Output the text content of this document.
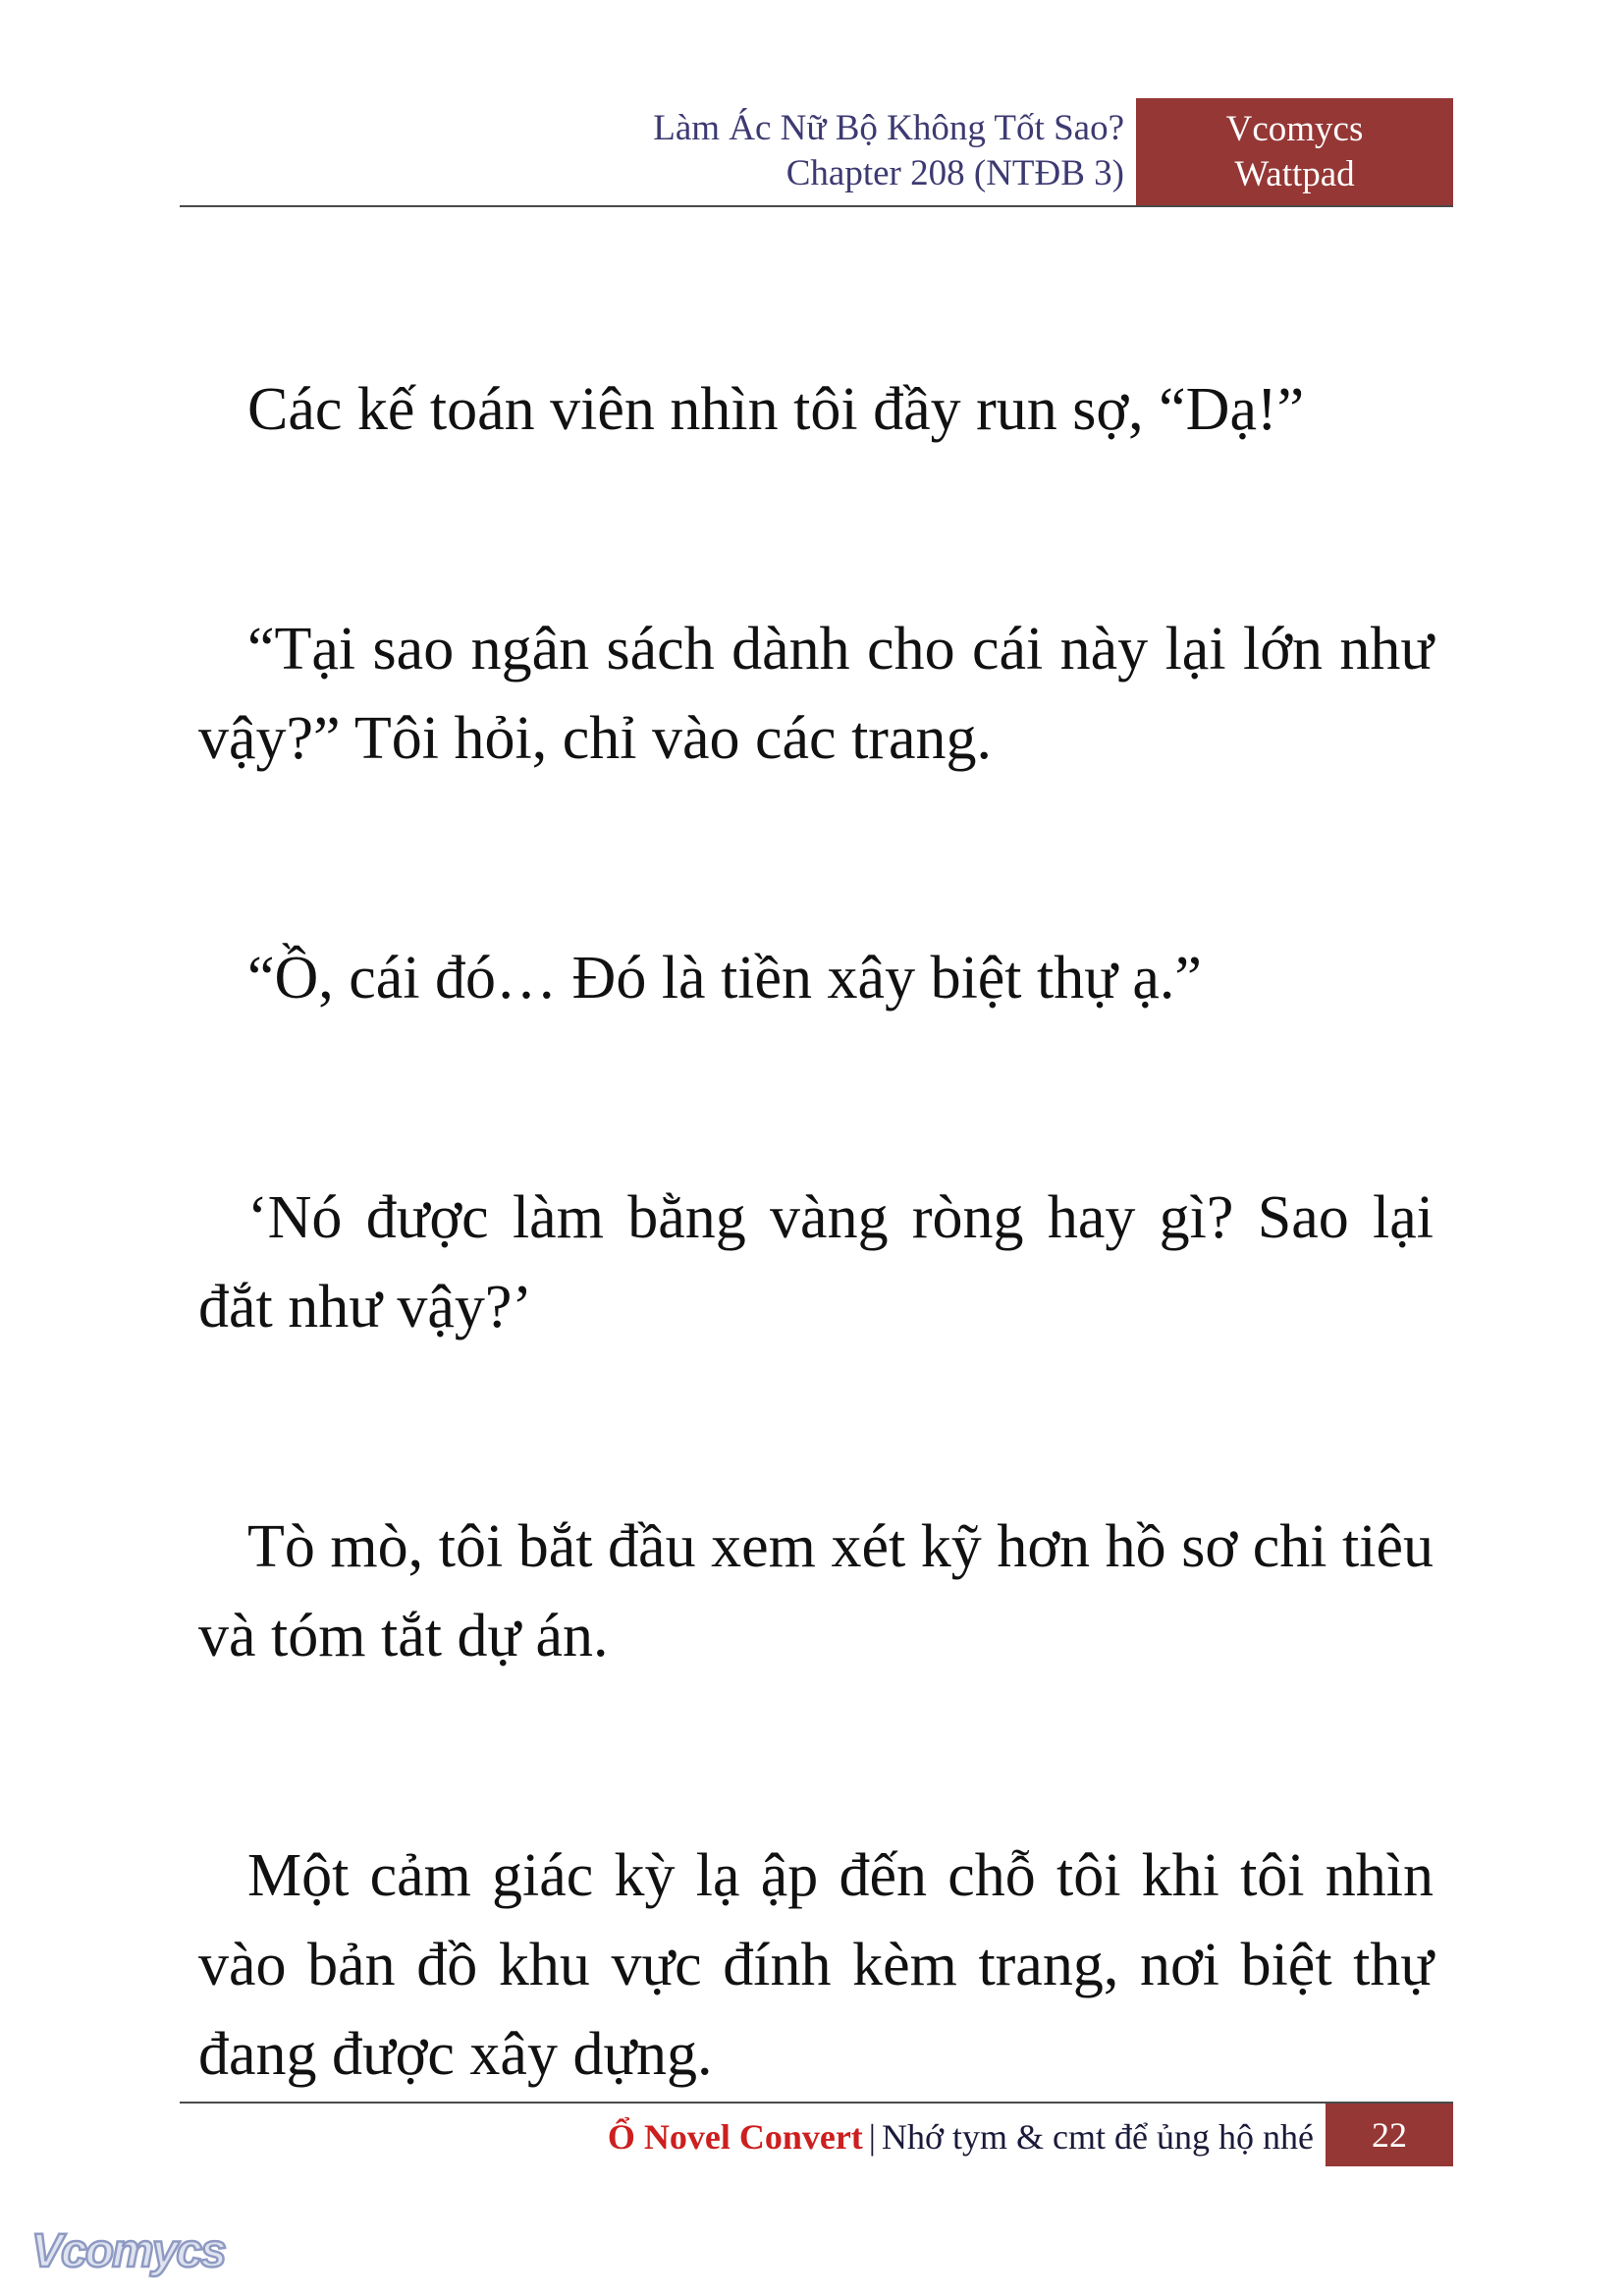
Làm Ác Nữ Bộ Không Tốt Sao?
Chapter 208 (NTĐB 3)
Vcomycs
Wattpad

Các kế toán viên nhìn tôi đầy run sợ, “Dạ!”

“Tại sao ngân sách dành cho cái này lại lớn như vậy?” Tôi hỏi, chỉ vào các trang.

“Ồ, cái đó… Đó là tiền xây biệt thự ạ.”

‘Nó được làm bằng vàng ròng hay gì? Sao lại đắt như vậy?’

Tò mò, tôi bắt đầu xem xét kỹ hơn hồ sơ chi tiêu và tóm tắt dự án.

Một cảm giác kỳ lạ ập đến chỗ tôi khi tôi nhìn vào bản đồ khu vực đính kèm trang, nơi biệt thự đang được xây dựng.

Ổ Novel Convert | Nhớ tym & cmt để ủng hộ nhé	22
Vcomycs
